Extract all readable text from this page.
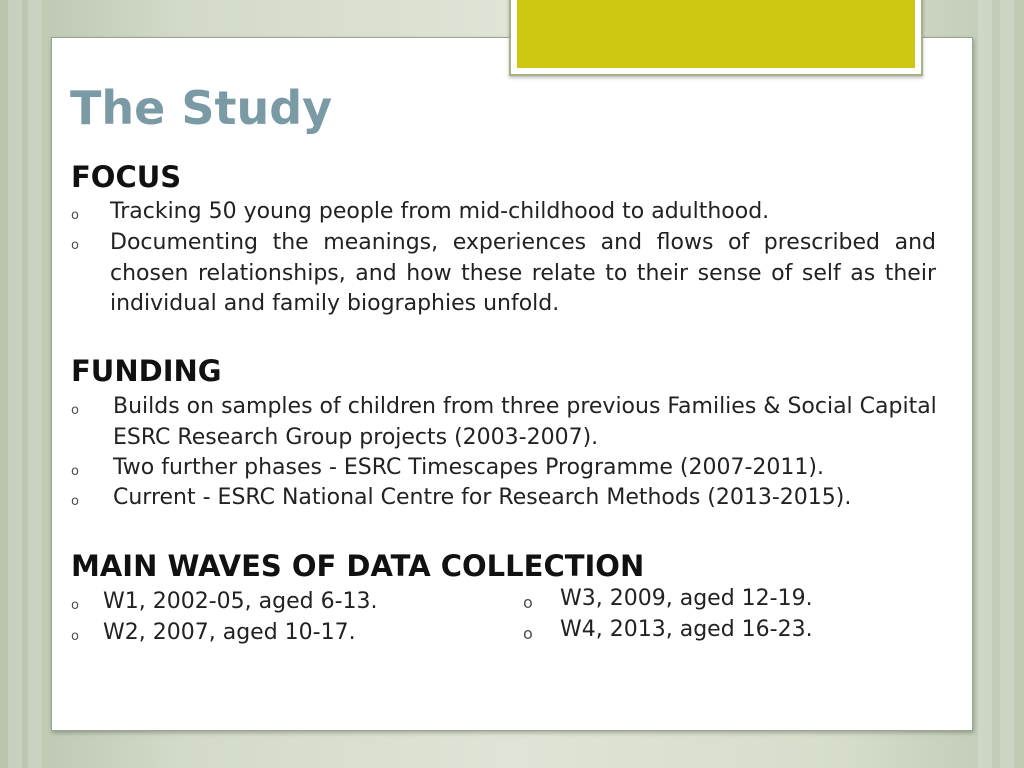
The Study
FOCUS
o Tracking 50 young people from mid-childhood to adulthood.

o Documenting the meanings, experiences and flows of prescribed and chosen relationships, and how these relate to their sense of self as their individual and family biographies unfold.

FUNDING
o Builds on samples of children from three previous Families & Social Capital ESRC Research Group projects (2003-2007).

o Two further phases - ESRC Timescapes Programme (2007-2011).

o Current - ESRC National Centre for Research Methods (2013-2015).

MAIN WAVES OF DATA COLLECTION
o W1, 2002-05, aged 6-13.

o W2, 2007, aged 10-17.

o W3, 2009, aged 12-19.

o W4, 2013, aged 16-23.
